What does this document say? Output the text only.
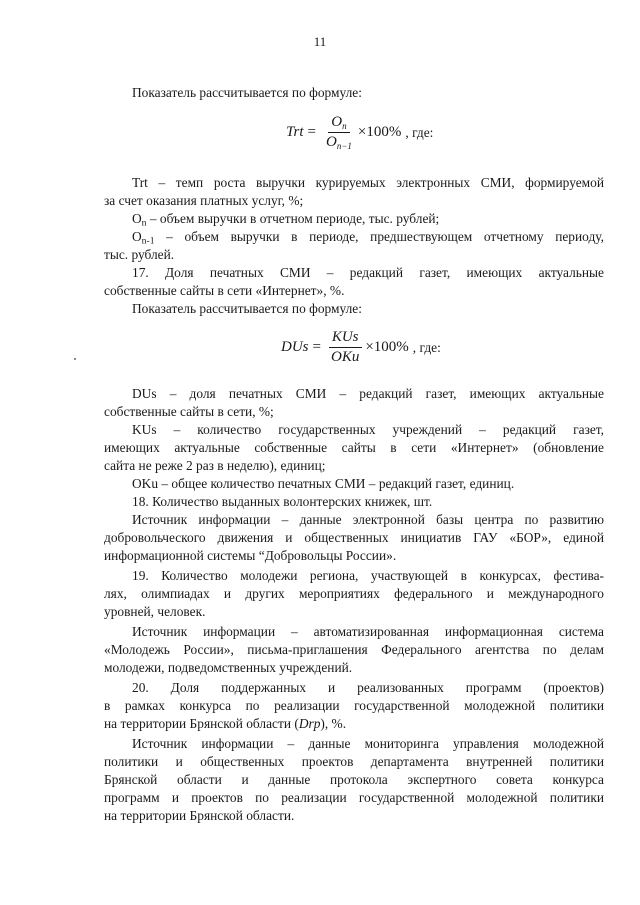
11

Показатель рассчитывается по формуле:

Trt = $\frac{O_n}{O_{n-1}} \times 100\%$ , где:

Trt – темп роста выручки курируемых электронных СМИ, формируемой

за счет оказания платных услуг, %;

$О_n$ – объем выручки в отчетном периоде, тыс. рублей;

$О_{n-1}$ – объем выручки в периоде, предшествующем отчетному периоду,

тыс. рублей.

17. Доля печатных СМИ – редакций газет, имеющих актуальные

собственные сайты в сети «Интернет», %.

Показатель рассчитывается по формуле:

DUs = $\frac{\text{KUs}}{\text{OKu}} \times 100\%$ , где:

DUs – доля печатных СМИ – редакций газет, имеющих актуальные

собственные сайты в сети, %;

KUs – количество государственных учреждений – редакций газет,

имеющих актуальные собственные сайты в сети «Интернет» (обновление

сайта не реже 2 раз в неделю), единиц;

OKu – общее количество печатных СМИ – редакций газет, единиц.

18. Количество выданных волонтерских книжек, шт.

Источник информации – данные электронной базы центра по развитию

добровольческого движения и общественных инициатив ГАУ «БОР», единой

информационной системы “Добровольцы России».

19. Количество молодежи региона, участвующей в конкурсах, фестива-

лях, олимпиадах и других мероприятиях федерального и международного

уровней, человек.

Источник информации – автоматизированная информационная система

«Молодежь России», письма-приглашения Федерального агентства по делам

молодежи, подведомственных учреждений.

20. Доля поддержанных и реализованных программ (проектов)

в рамках конкурса по реализации государственной молодежной политики

на территории Брянской области (Drp), %.

Источник информации – данные мониторинга управления молодежной

политики и общественных проектов департамента внутренней политики

Брянской области и данные протокола экспертного совета конкурса

программ и проектов по реализации государственной молодежной политики

на территории Брянской области.
